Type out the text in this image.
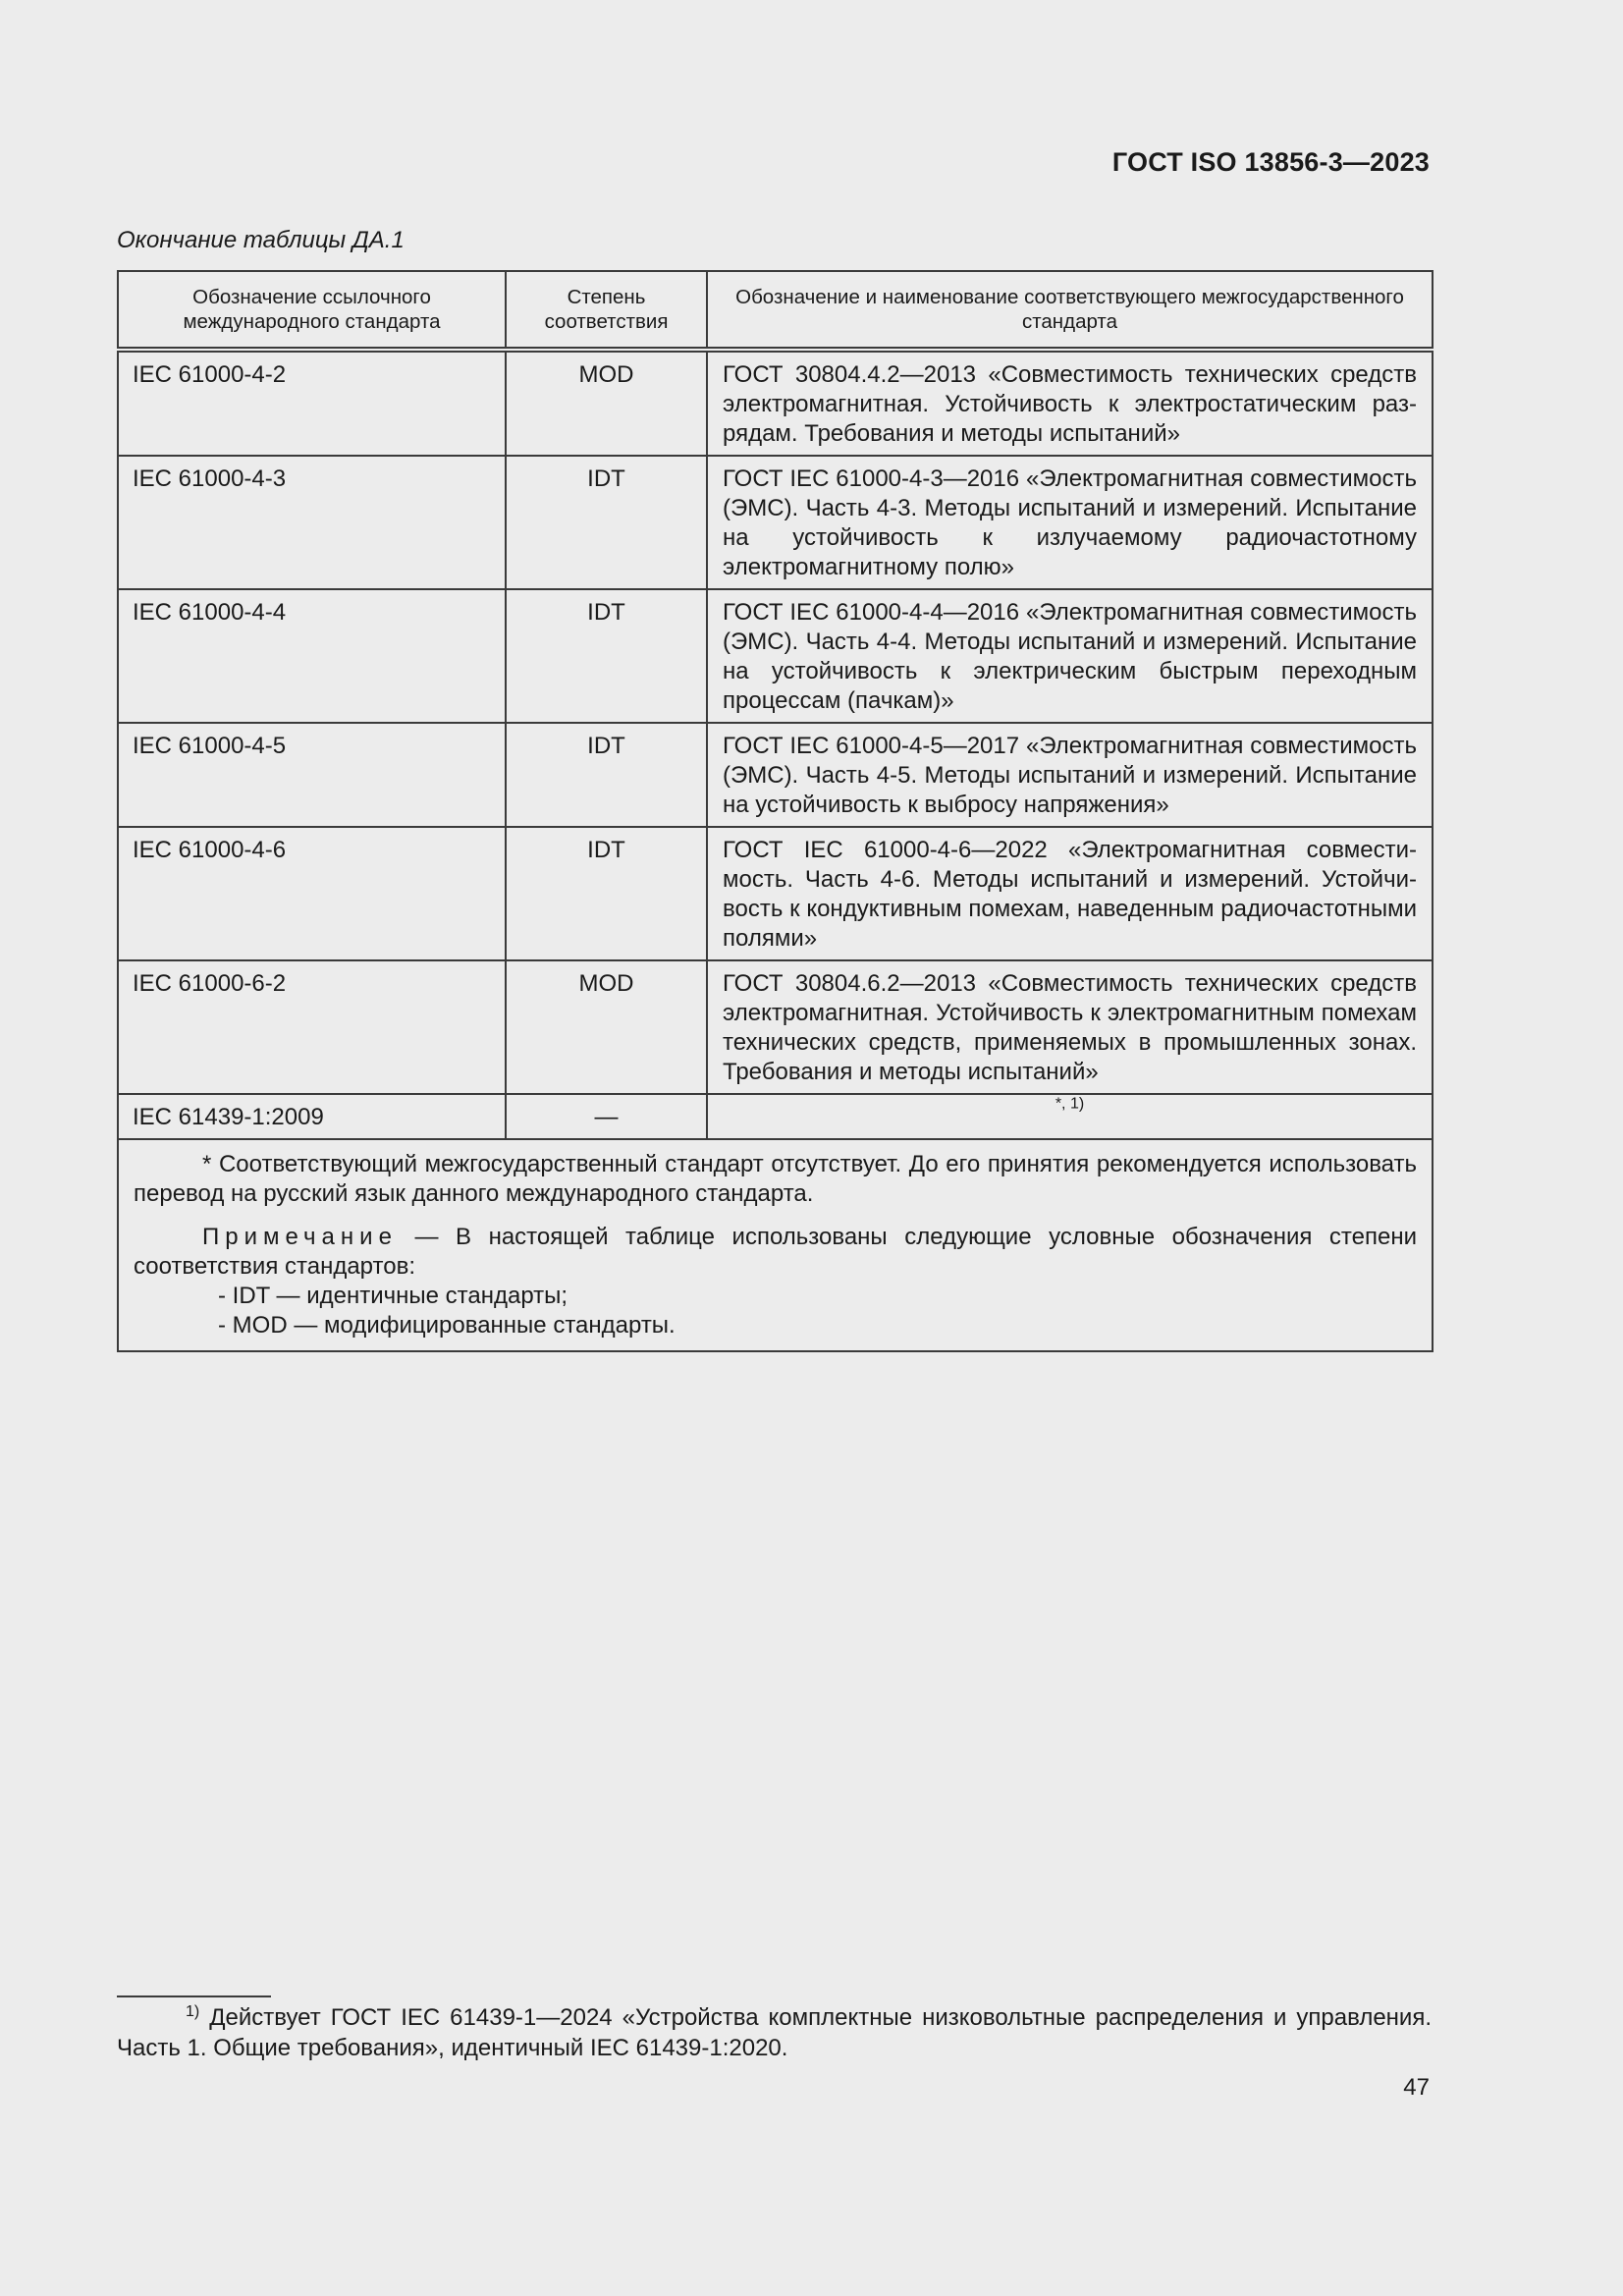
ГОСТ ISO 13856-3—2023
Окончание таблицы ДА.1
Обозначение ссылочного международного стандарта	Степень соответствия	Обозначение и наименование соответствующего межгосударственного стандарта
IEC 61000-4-2	MOD	ГОСТ 30804.4.2—2013 «Совместимость технических средств электромагнитная. Устойчивость к электростатическим разрядам. Требования и методы испытаний»
IEC 61000-4-3	IDT	ГОСТ IEC 61000-4-3—2016 «Электромагнитная совместимость (ЭМС). Часть 4-3. Методы испытаний и измерений. Испытание на устойчивость к излучаемому радиочастотному электромагнитному полю»
IEC 61000-4-4	IDT	ГОСТ IEC 61000-4-4—2016 «Электромагнитная совместимость (ЭМС). Часть 4-4. Методы испытаний и измерений. Испытание на устойчивость к электрическим быстрым переходным процессам (пачкам)»
IEC 61000-4-5	IDT	ГОСТ IEC 61000-4-5—2017 «Электромагнитная совместимость (ЭМС). Часть 4-5. Методы испытаний и измерений. Испытание на устойчивость к выбросу напряжения»
IEC 61000-4-6	IDT	ГОСТ IEC 61000-4-6—2022 «Электромагнитная совместимость. Часть 4-6. Методы испытаний и измерений. Устойчивость к кондуктивным помехам, наведенным радиочастотными полями»
IEC 61000-6-2	MOD	ГОСТ 30804.6.2—2013 «Совместимость технических средств электромагнитная. Устойчивость к электромагнитным помехам технических средств, применяемых в промышленных зонах. Требования и методы испытаний»
IEC 61439-1:2009	—	$^{*, 1)}$

* Соответствующий межгосударственный стандарт отсутствует. До его принятия рекомендуется использовать перевод на русский язык данного международного стандарта.

Примечание — В настоящей таблице использованы следующие условные обозначения степени соответствия стандартов:

- IDT — идентичные стандарты;
- MOD — модифицированные стандарты.		

$^{1)}$ Действует ГОСТ IEC 61439-1—2024 «Устройства комплектные низковольтные распределения и управления. Часть 1. Общие требования», идентичный IEC 61439-1:2020.

47
